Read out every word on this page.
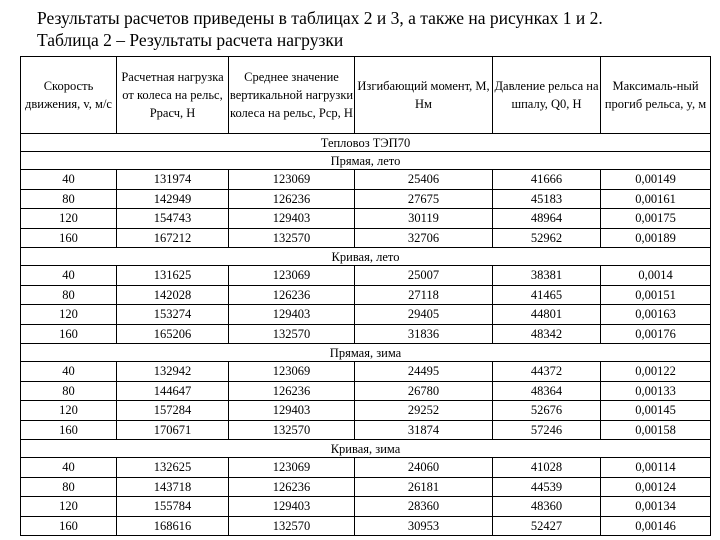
Результаты расчетов приведены в таблицах 2 и 3, а также на рисунках 1 и 2.
Таблица 2 – Результаты расчета нагрузки
Скорость движения, v, м/с	Расчетная нагрузка от колеса на рельс, Pрасч, Н	Среднее значение вертикальной нагрузки колеса на рельс, Pср, Н	Изгибающий момент, М, Нм	Давление рельса на шпалу, Q0, Н	Максималь-ный прогиб рельса, y, м
Тепловоз ТЭП70					
Прямая, лето					
40	131974	123069	25406	41666	0,00149
80	142949	126236	27675	45183	0,00161
120	154743	129403	30119	48964	0,00175
160	167212	132570	32706	52962	0,00189
Кривая, лето					
40	131625	123069	25007	38381	0,0014
80	142028	126236	27118	41465	0,00151
120	153274	129403	29405	44801	0,00163
160	165206	132570	31836	48342	0,00176
Прямая, зима					
40	132942	123069	24495	44372	0,00122
80	144647	126236	26780	48364	0,00133
120	157284	129403	29252	52676	0,00145
160	170671	132570	31874	57246	0,00158
Кривая, зима					
40	132625	123069	24060	41028	0,00114
80	143718	126236	26181	44539	0,00124
120	155784	129403	28360	48360	0,00134
160	168616	132570	30953	52427	0,00146
